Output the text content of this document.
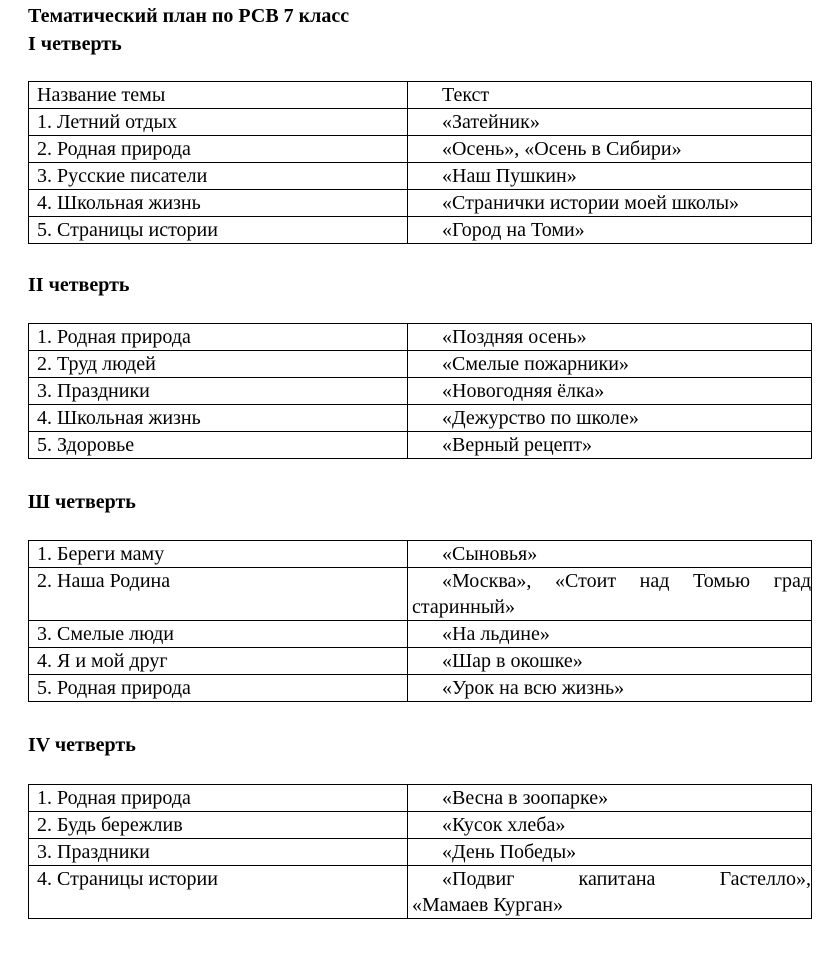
Тематический план по РСВ 7 класс
I четверть
Название темы	Текст
1. Летний отдых	«Затейник»
2. Родная природа	«Осень», «Осень в Сибири»
3. Русские писатели	«Наш Пушкин»
4. Школьная жизнь	«Странички истории моей школы»
5. Страницы истории	«Город на Томи»
II четверть
1. Родная природа	«Поздняя осень»
2. Труд людей	«Смелые пожарники»
3. Праздники	«Новогодняя ёлка»
4. Школьная жизнь	«Дежурство по школе»
5. Здоровье	«Верный рецепт»
Ш четверть
1. Береги маму	«Сыновья»
2. Наша Родина	«Москва», «Стоит над Томью град
старинный»
3. Смелые люди	«На льдине»
4. Я и мой друг	«Шар в окошке»
5. Родная природа	«Урок на всю жизнь»
IV четверть
1. Родная природа	«Весна в зоопарке»
2. Будь бережлив	«Кусок хлеба»
3. Праздники	«День Победы»
4. Страницы истории	«Подвиг капитана Гастелло»,
«Мамаев Курган»
